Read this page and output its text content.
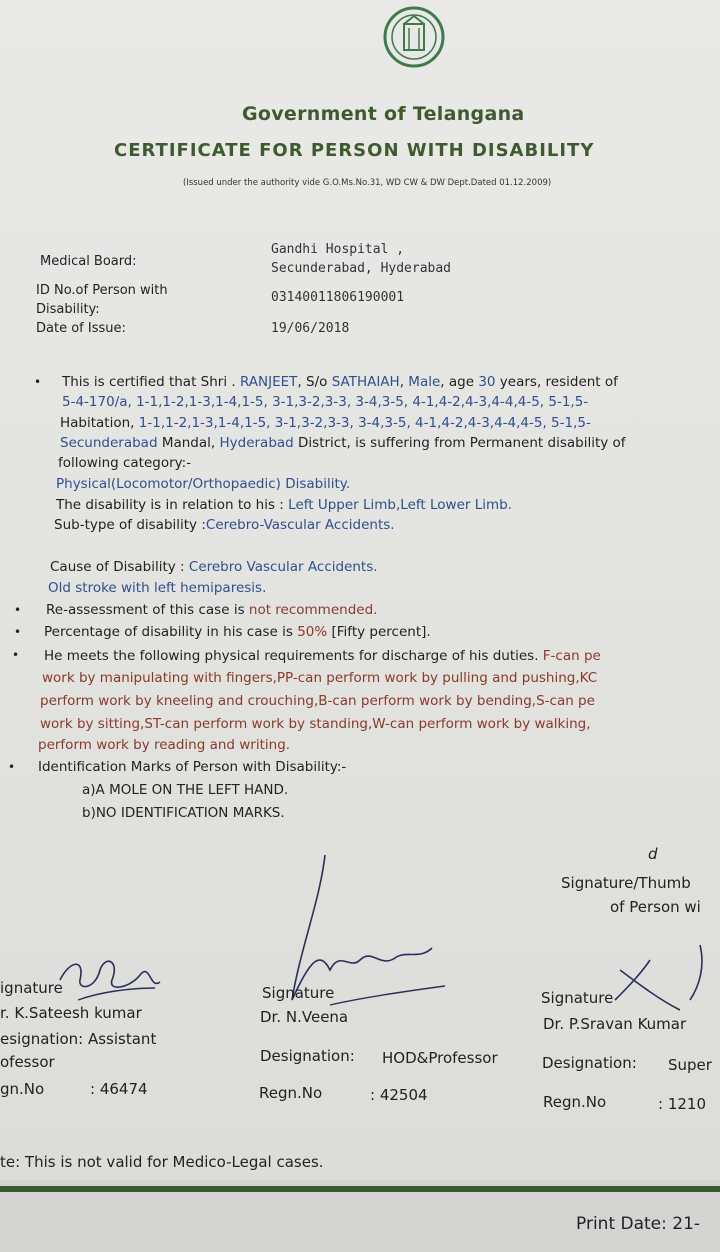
Government of Telangana
CERTIFICATE FOR PERSON WITH DISABILITY
(Issued under the authority vide G.O.Ms.No.31, WD CW & DW Dept.Dated 01.12.2009)
Medical Board:
Gandhi Hospital ,
Secunderabad, Hyderabad
ID No.of Person with
Disability:
03140011806190001
Date of Issue:	19/06/2018
• This is certified that Shri . RANJEET, S/o SATHAIAH, Male, age 30 years, resident of
5-4-170/a, 1-1,1-2,1-3,1-4,1-5, 3-1,3-2,3-3, 3-4,3-5, 4-1,4-2,4-3,4-4,4-5, 5-1,5-
Habitation, 1-1,1-2,1-3,1-4,1-5, 3-1,3-2,3-3, 3-4,3-5, 4-1,4-2,4-3,4-4,4-5, 5-1,5-
Secunderabad Mandal, Hyderabad District, is suffering from Permanent disability of
following category:-
Physical(Locomotor/Orthopaedic) Disability.
The disability is in relation to his : Left Upper Limb,Left Lower Limb.
Sub-type of disability :Cerebro-Vascular Accidents.
Cause of Disability : Cerebro Vascular Accidents.
Old stroke with left hemiparesis.
• Re-assessment of this case is not recommended.
• Percentage of disability in his case is 50% [Fifty percent].
• He meets the following physical requirements for discharge of his duties. F-can pe
work by manipulating with fingers,PP-can perform work by pulling and pushing,KC
perform work by kneeling and crouching,B-can perform work by bending,S-can pe
work by sitting,ST-can perform work by standing,W-can perform work by walking,
perform work by reading and writing.
• Identification Marks of Person with Disability:-
a)A MOLE ON THE LEFT HAND.
b)NO IDENTIFICATION MARKS.
d
Signature/Thumb
of Person wi
ignature
r. K.Sateesh kumar
esignation: Assistant
ofessor
gn.No	: 46474
Signature
Dr. N.Veena
Designation: HOD&Professor
Regn.No	: 42504
Signature
Dr. P.Sravan Kumar
Designation: Super
Regn.No	: 1210
te: This is not valid for Medico-Legal cases.
Print Date: 21-
